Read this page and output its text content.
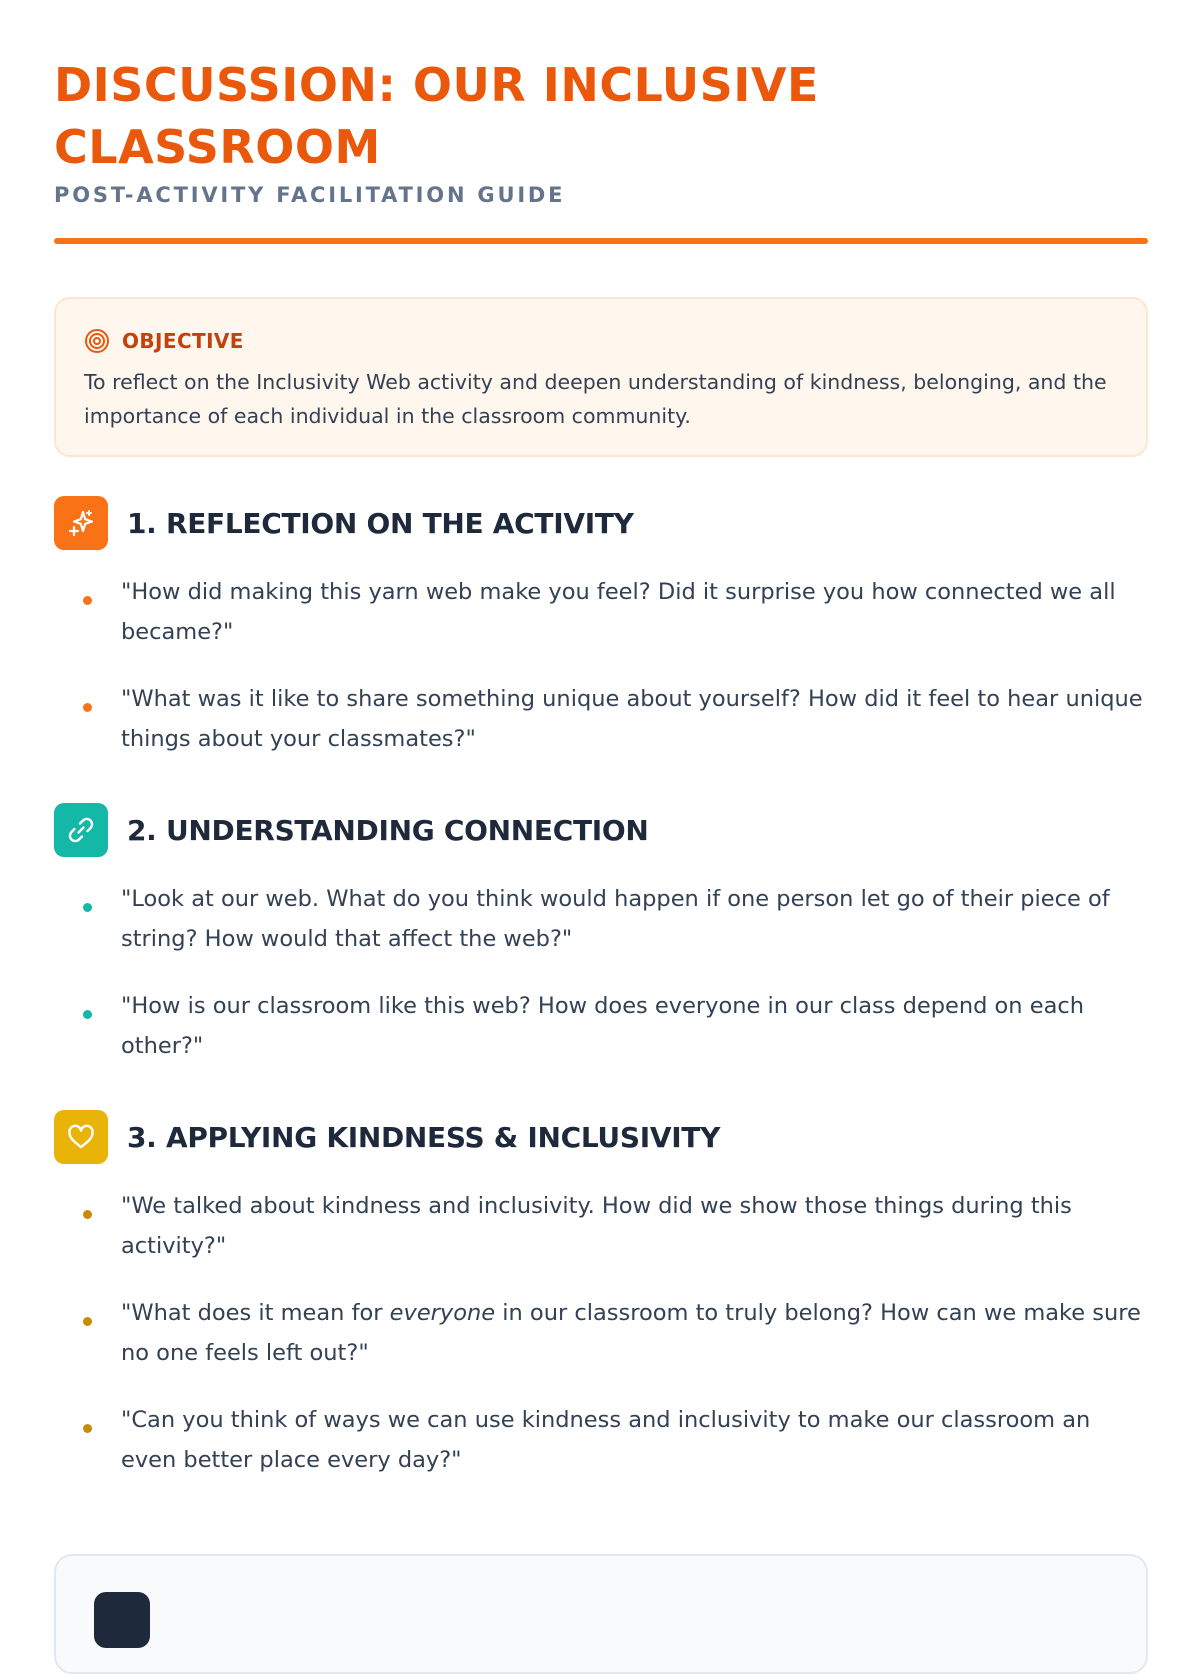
DISCUSSION: OUR INCLUSIVE CLASSROOM
POST-ACTIVITY FACILITATION GUIDE
OBJECTIVE
To reflect on the Inclusivity Web activity and deepen understanding of kindness, belonging, and the importance of each individual in the classroom community.
1. REFLECTION ON THE ACTIVITY
"How did making this yarn web make you feel? Did it surprise you how connected we all became?"
"What was it like to share something unique about yourself? How did it feel to hear unique things about your classmates?"
2. UNDERSTANDING CONNECTION
"Look at our web. What do you think would happen if one person let go of their piece of string? How would that affect the web?"
"How is our classroom like this web? How does everyone in our class depend on each other?"
3. APPLYING KINDNESS & INCLUSIVITY
"We talked about kindness and inclusivity. How did we show those things during this activity?"
"What does it mean for everyone in our classroom to truly belong? How can we make sure no one feels left out?"
"Can you think of ways we can use kindness and inclusivity to make our classroom an even better place every day?"
